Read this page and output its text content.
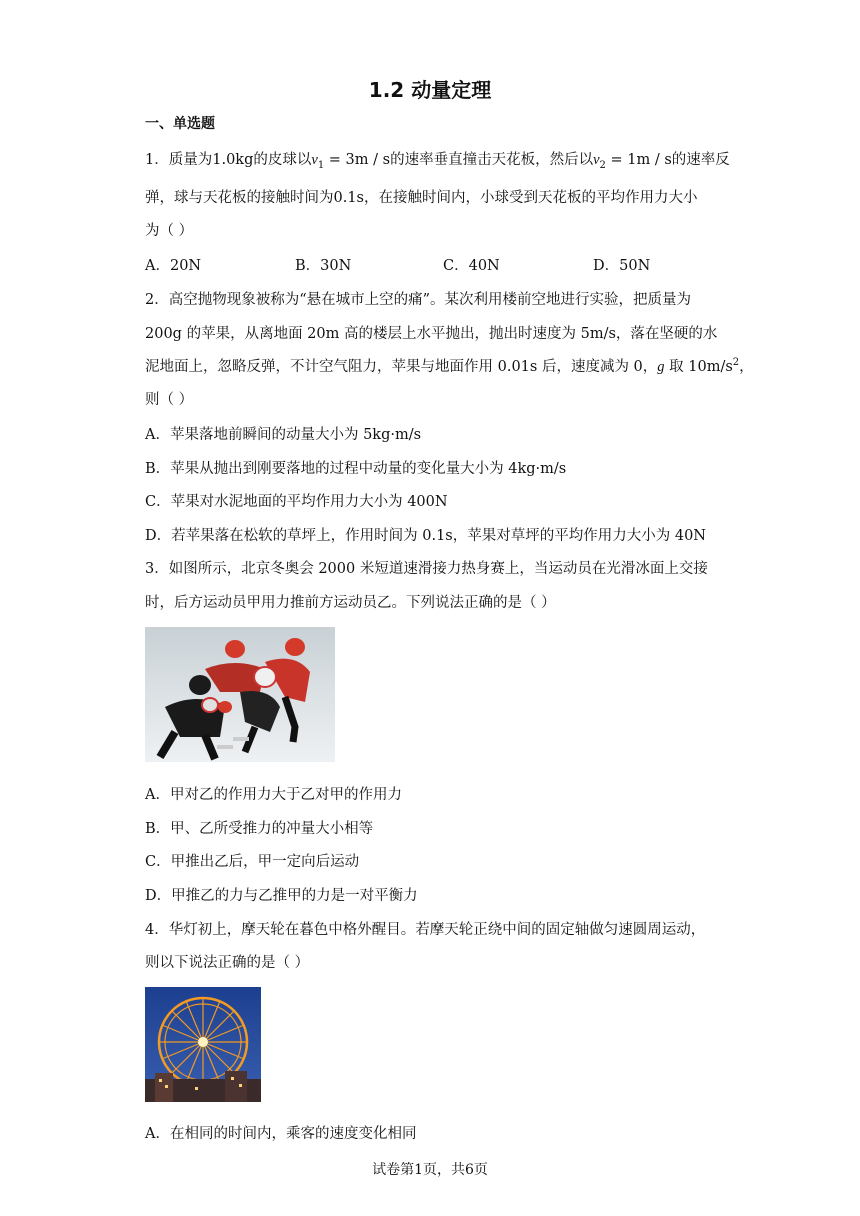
1.2 动量定理
一、单选题
1．质量为1.0kg的皮球以$v_1 = 3m / s$的速率垂直撞击天花板，然后以$v_2 = 1m / s$的速率反
弹，球与天花板的接触时间为0.1s，在接触时间内，小球受到天花板的平均作用力大小
为（ ）
A．20N	B．30N	C．40N	D．50N
2．高空抛物现象被称为“悬在城市上空的痛”。某次利用楼前空地进行实验，把质量为
200g 的苹果，从离地面 20m 高的楼层上水平抛出，抛出时速度为 5m/s，落在坚硬的水
泥地面上，忽略反弹，不计空气阻力，苹果与地面作用 0.01s 后，速度减为 0，g 取 $10m/s^2$，
则（ ）
A．苹果落地前瞬间的动量大小为 5kg·m/s
B．苹果从抛出到刚要落地的过程中动量的变化量大小为 4kg·m/s
C．苹果对水泥地面的平均作用力大小为 400N
D．若苹果落在松软的草坪上，作用时间为 0.1s，苹果对草坪的平均作用力大小为 40N
3．如图所示，北京冬奥会 2000 米短道速滑接力热身赛上，当运动员在光滑冰面上交接
时，后方运动员甲用力推前方运动员乙。下列说法正确的是（ ）
A．甲对乙的作用力大于乙对甲的作用力
B．甲、乙所受推力的冲量大小相等
C．甲推出乙后，甲一定向后运动
D．甲推乙的力与乙推甲的力是一对平衡力
4．华灯初上，摩天轮在暮色中格外醒目。若摩天轮正绕中间的固定轴做匀速圆周运动，
则以下说法正确的是（ ）
A．在相同的时间内，乘客的速度变化相同
试卷第1页，共6页
